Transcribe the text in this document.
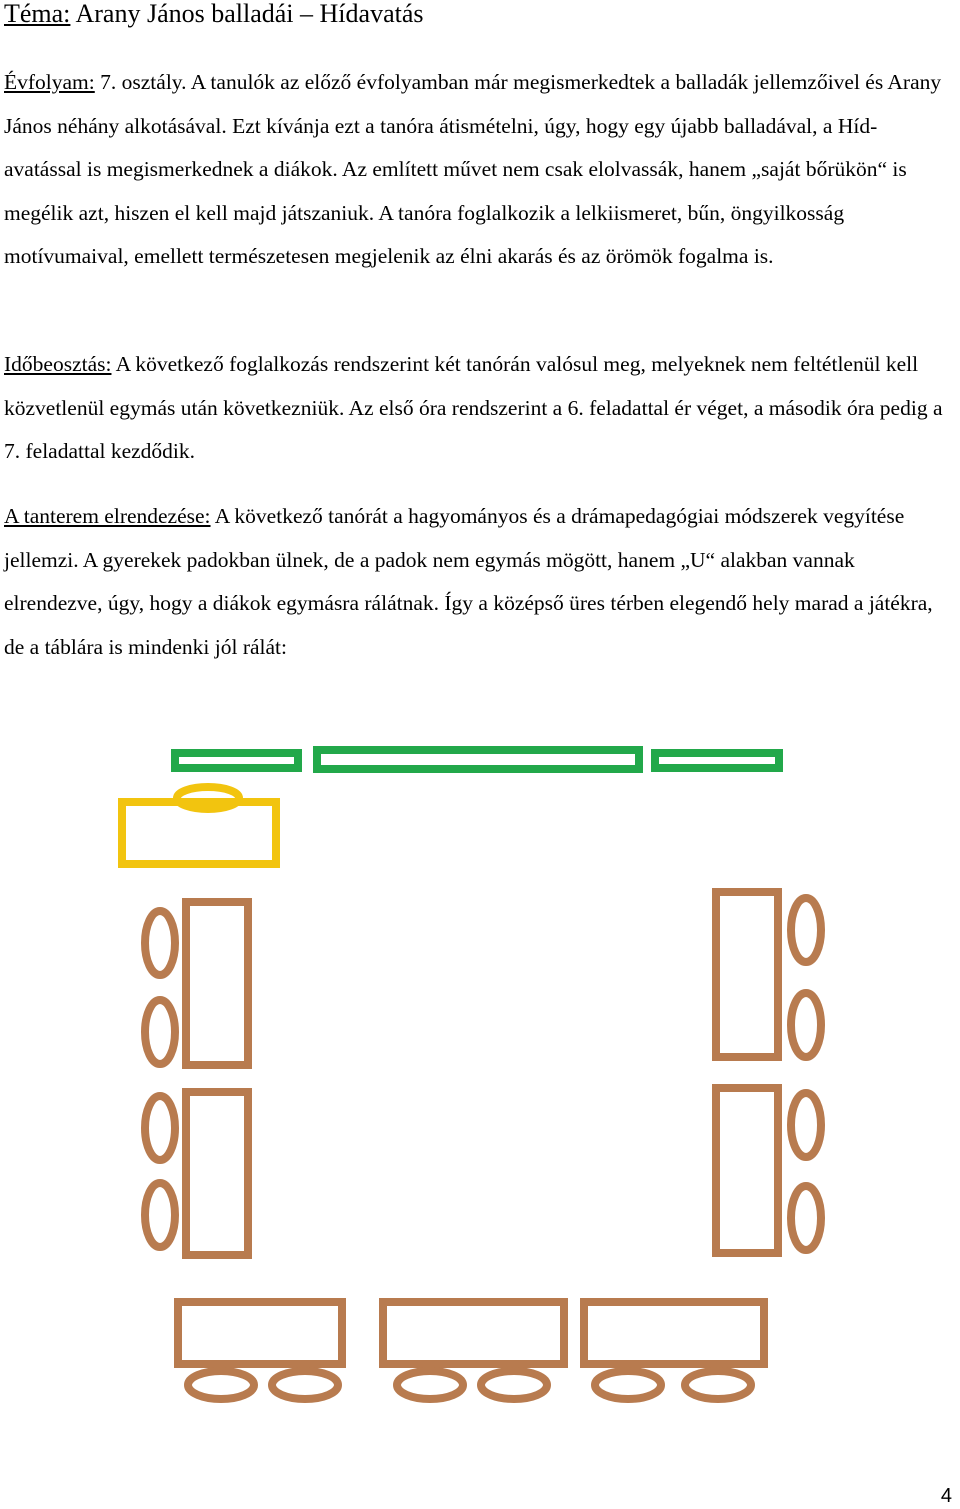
Téma: Arany János balladái – Hídavatás

Évfolyam: 7. osztály. A tanulók az előző évfolyamban már megismerkedtek a balladák jellemzőivel és Arany János néhány alkotásával. Ezt kívánja ezt a tanóra átismételni, úgy, hogy egy újabb balladával, a Híd-avatással is megismerkednek a diákok. Az említett művet nem csak elolvassák, hanem „saját bőrükön“ is megélik azt, hiszen el kell majd játszaniuk. A tanóra foglalkozik a lelkiismeret, bűn, öngyilkosság motívumaival, emellett természetesen megjelenik az élni akarás és az örömök fogalma is.

Időbeosztás: A következő foglalkozás rendszerint két tanórán valósul meg, melyeknek nem feltétlenül kell közvetlenül egymás után következniük. Az első óra rendszerint a 6. feladattal ér véget, a második óra pedig a 7. feladattal kezdődik.

A tanterem elrendezése: A következő tanórát a hagyományos és a drámapedagógiai módszerek vegyítése jellemzi. A gyerekek padokban ülnek, de a padok nem egymás mögött, hanem „U“ alakban vannak elrendezve, úgy, hogy a diákok egymásra rálátnak. Így a középső üres térben elegendő hely marad a játékra, de a táblára is mindenki jól rálát:

4
